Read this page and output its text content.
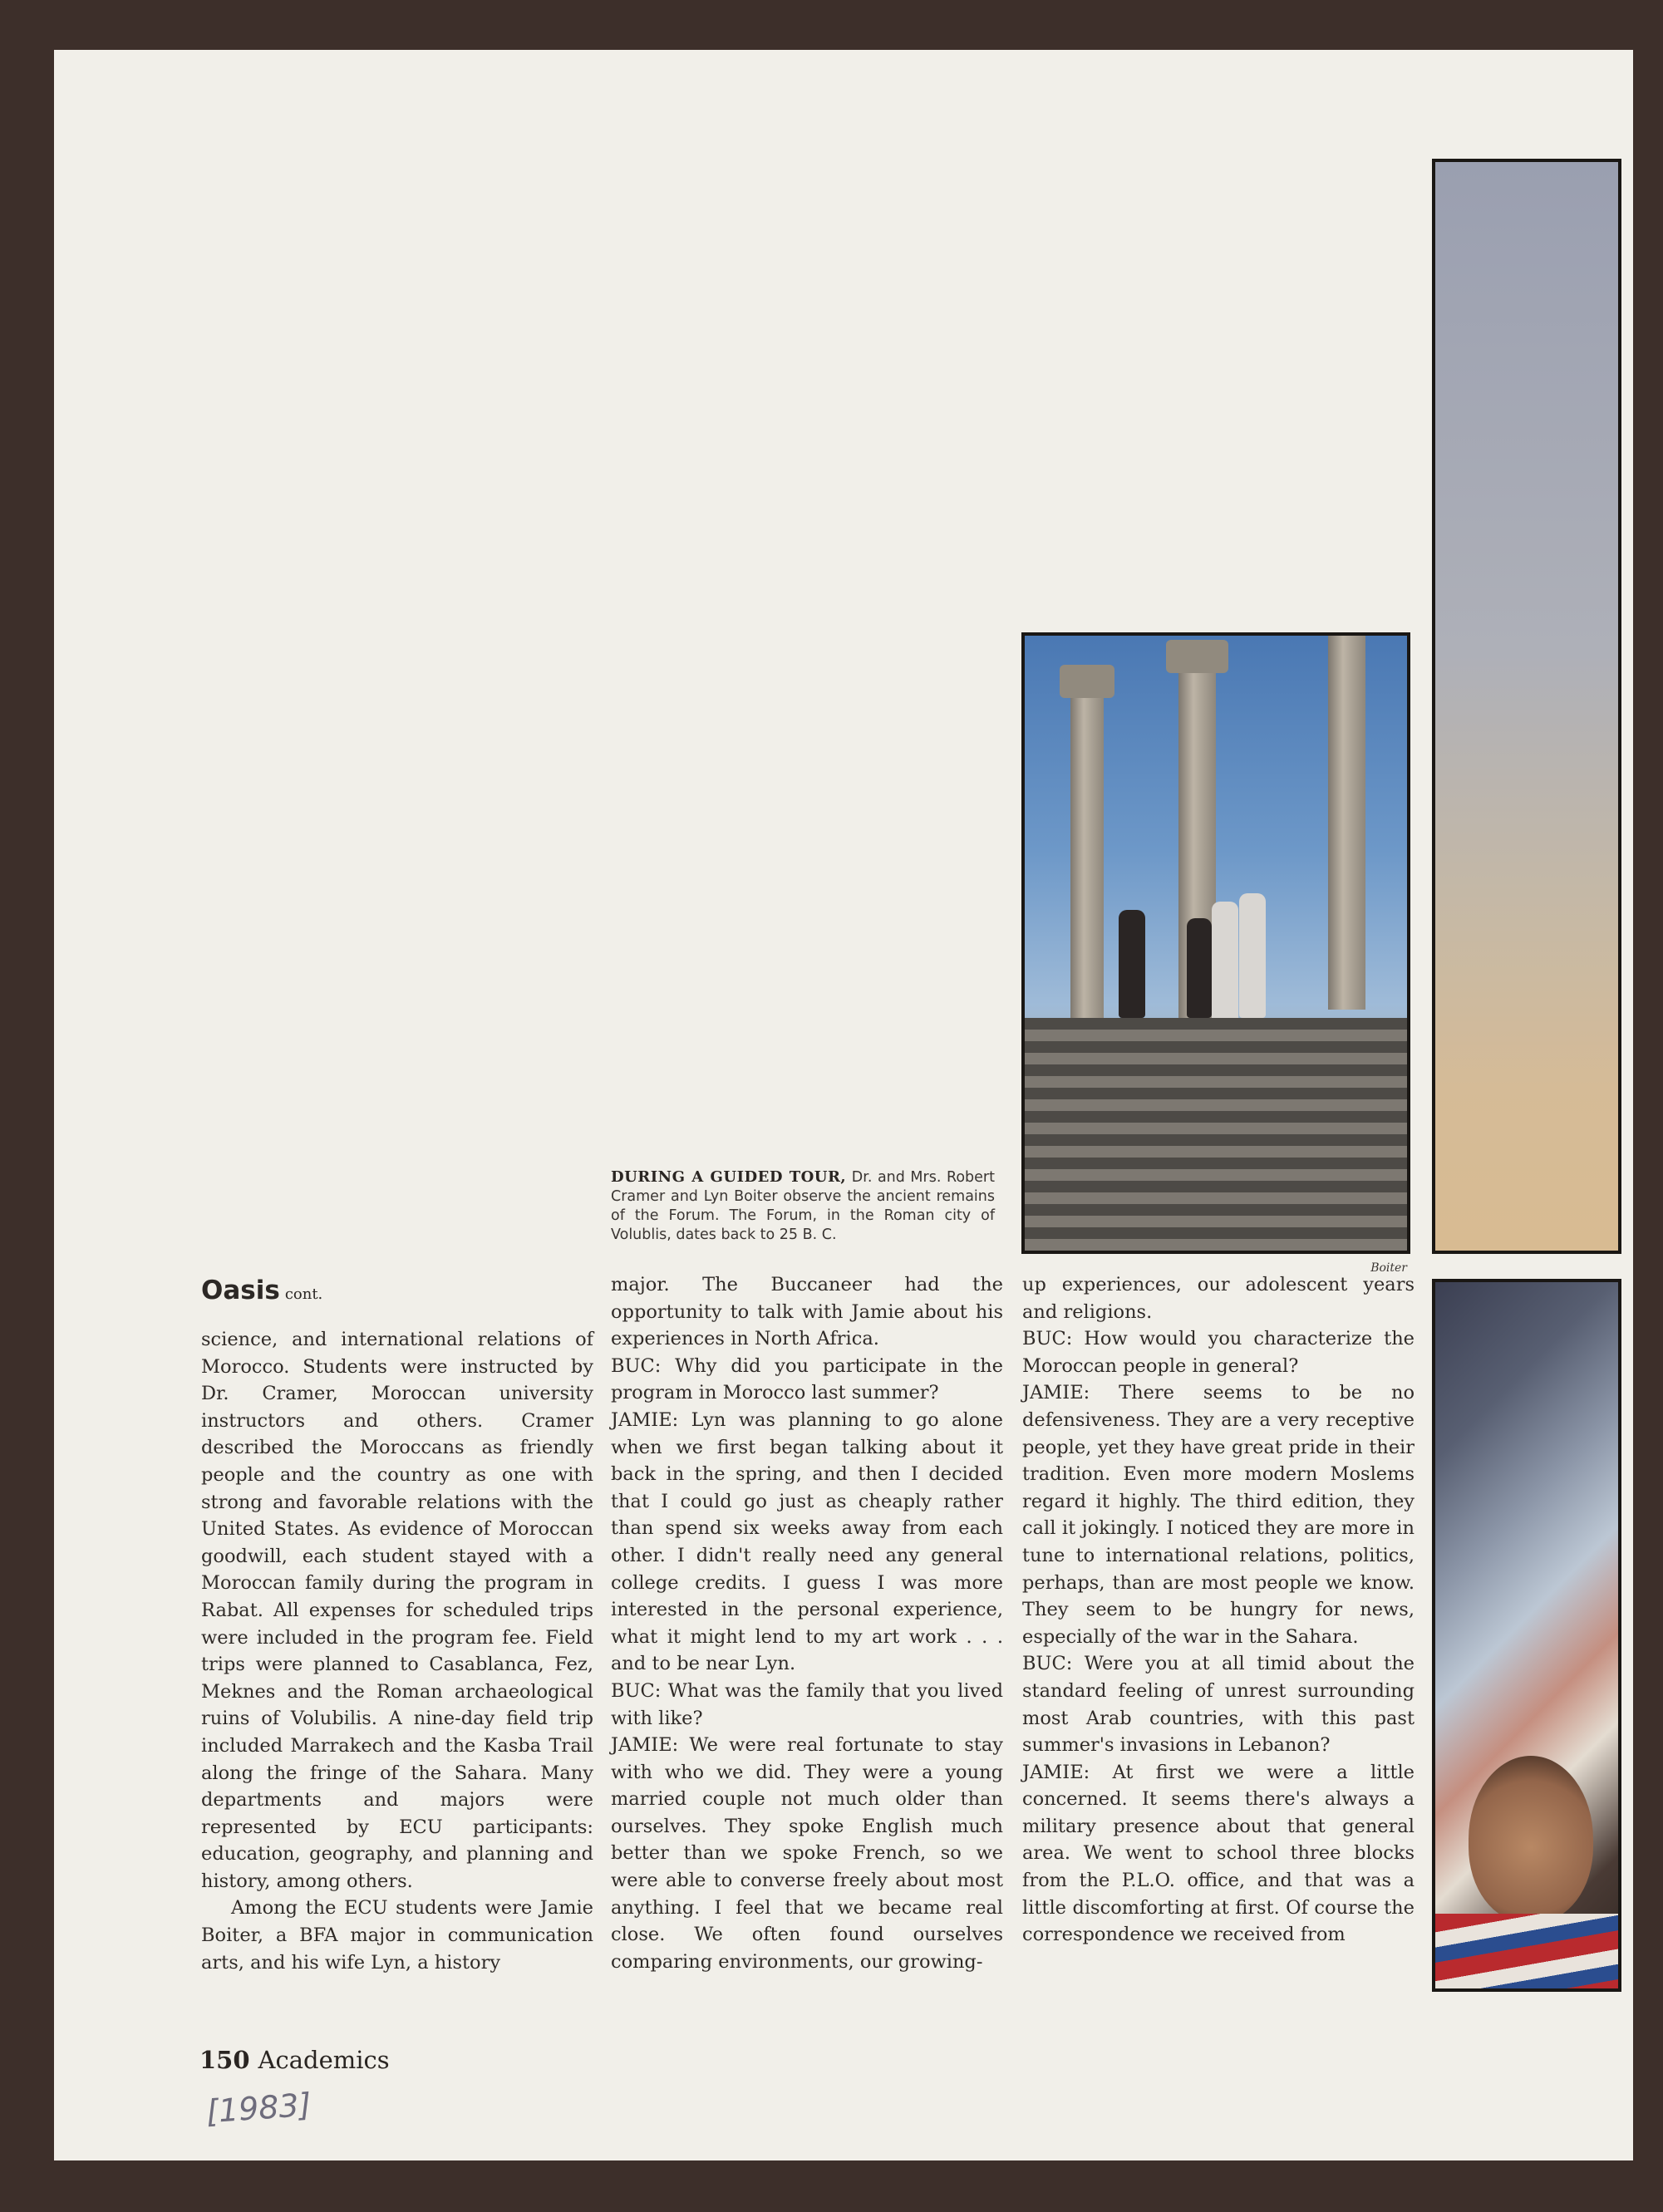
DURING A GUIDED TOUR, Dr. and Mrs. Robert Cramer and Lyn Boiter observe the ancient remains of the Forum. The Forum, in the Roman city of Volublis, dates back to 25 B. C.
Boiter
Oasis cont.

science, and international relations of Morocco. Students were instructed by Dr. Cramer, Moroccan university instructors and others. Cramer described the Moroccans as friendly people and the country as one with strong and favorable relations with the United States. As evidence of Moroccan goodwill, each student stayed with a Moroccan family during the program in Rabat. All expenses for scheduled trips were included in the program fee. Field trips were planned to Casablanca, Fez, Meknes and the Roman archaeological ruins of Volubilis. A nine-day field trip included Marrakech and the Kasba Trail along the fringe of the Sahara. Many departments and majors were represented by ECU participants: education, geography, and planning and history, among others.

Among the ECU students were Jamie Boiter, a BFA major in communication arts, and his wife Lyn, a history

major. The Buccaneer had the opportunity to talk with Jamie about his experiences in North Africa.

BUC: Why did you participate in the program in Morocco last summer?

JAMIE: Lyn was planning to go alone when we first began talking about it back in the spring, and then I decided that I could go just as cheaply rather than spend six weeks away from each other. I didn't really need any general college credits. I guess I was more interested in the personal experience, what it might lend to my art work . . . and to be near Lyn.

BUC: What was the family that you lived with like?

JAMIE: We were real fortunate to stay with who we did. They were a young married couple not much older than ourselves. They spoke English much better than we spoke French, so we were able to converse freely about most anything. I feel that we became real close. We often found ourselves comparing environments, our growing-

up experiences, our adolescent years and religions.

BUC: How would you characterize the Moroccan people in general?

JAMIE: There seems to be no defensiveness. They are a very receptive people, yet they have great pride in their tradition. Even more modern Moslems regard it highly. The third edition, they call it jokingly. I noticed they are more in tune to international relations, politics, perhaps, than are most people we know. They seem to be hungry for news, especially of the war in the Sahara.

BUC: Were you at all timid about the standard feeling of unrest surrounding most Arab countries, with this past summer's invasions in Lebanon?

JAMIE: At first we were a little concerned. It seems there's always a military presence about that general area. We went to school three blocks from the P.L.O. office, and that was a little discomforting at first. Of course the correspondence we received from

150 Academics
[1983]
